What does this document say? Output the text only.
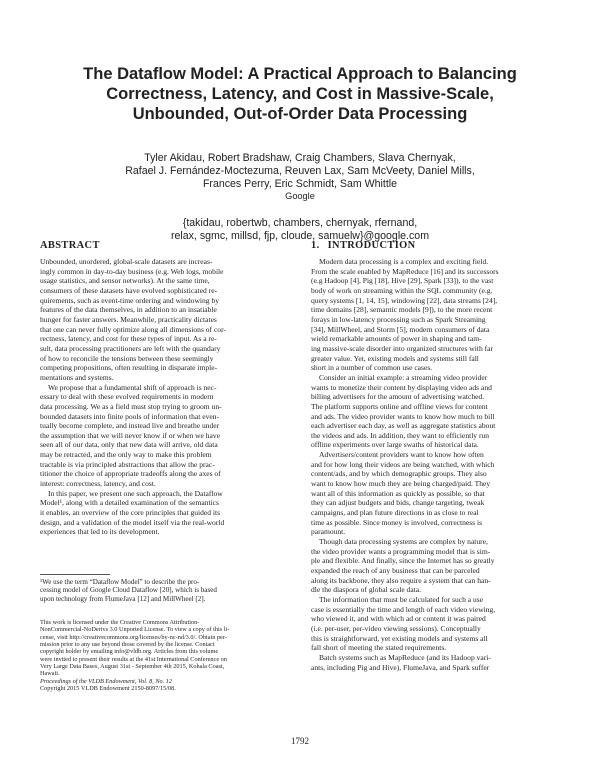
The Dataflow Model: A Practical Approach to Balancing
Correctness, Latency, and Cost in Massive-Scale,
Unbounded, Out-of-Order Data Processing
Tyler Akidau, Robert Bradshaw, Craig Chambers, Slava Chernyak,
Rafael J. Fernández-Moctezuma, Reuven Lax, Sam McVeety, Daniel Mills,
Frances Perry, Eric Schmidt, Sam Whittle
Google
{takidau, robertwb, chambers, chernyak, rfernand,
relax, sgmc, millsd, fjp, cloude, samuelw}@google.com
ABSTRACT
Unbounded, unordered, global-scale datasets are increas-
ingly common in day-to-day business (e.g. Web logs, mobile
usage statistics, and sensor networks). At the same time,
consumers of these datasets have evolved sophisticated re-
quirements, such as event-time ordering and windowing by
features of the data themselves, in addition to an insatiable
hunger for faster answers. Meanwhile, practicality dictates
that one can never fully optimize along all dimensions of cor-
rectness, latency, and cost for these types of input. As a re-
sult, data processing practitioners are left with the quandary
of how to reconcile the tensions between these seemingly
competing propositions, often resulting in disparate imple-
mentations and systems.
We propose that a fundamental shift of approach is nec-
essary to deal with these evolved requirements in modern
data processing. We as a field must stop trying to groom un-
bounded datasets into finite pools of information that even-
tually become complete, and instead live and breathe under
the assumption that we will never know if or when we have
seen all of our data, only that new data will arrive, old data
may be retracted, and the only way to make this problem
tractable is via principled abstractions that allow the prac-
titioner the choice of appropriate tradeoffs along the axes of
interest: correctness, latency, and cost.
In this paper, we present one such approach, the Dataflow
Model¹, along with a detailed examination of the semantics
it enables, an overview of the core principles that guided its
design, and a validation of the model itself via the real-world
experiences that led to its development.
¹We use the term “Dataflow Model” to describe the pro-
cessing model of Google Cloud Dataflow [20], which is based
upon technology from FlumeJava [12] and MillWheel [2].
This work is licensed under the Creative Commons Attribution-
NonCommercial-NoDerivs 3.0 Unported License. To view a copy of this li-
cense, visit http://creativecommons.org/licenses/by-nc-nd/3.0/. Obtain per-
mission prior to any use beyond those covered by the license. Contact
copyright holder by emailing info@vldb.org. Articles from this volume
were invited to present their results at the 41st International Conference on
Very Large Data Bases, August 31st - September 4th 2015, Kohala Coast,
Hawaii.
Proceedings of the VLDB Endowment, Vol. 8, No. 12
Copyright 2015 VLDB Endowment 2150-8097/15/08.
1. INTRODUCTION
Modern data processing is a complex and exciting field.
From the scale enabled by MapReduce [16] and its successors
(e.g Hadoop [4], Pig [18], Hive [29], Spark [33]), to the vast
body of work on streaming within the SQL community (e.g.
query systems [1, 14, 15], windowing [22], data streams [24],
time domains [28], semantic models [9]), to the more recent
forays in low-latency processing such as Spark Streaming
[34], MillWheel, and Storm [5], modern consumers of data
wield remarkable amounts of power in shaping and tam-
ing massive-scale disorder into organized structures with far
greater value. Yet, existing models and systems still fall
short in a number of common use cases.
Consider an initial example: a streaming video provider
wants to monetize their content by displaying video ads and
billing advertisers for the amount of advertising watched.
The platform supports online and offline views for content
and ads. The video provider wants to know how much to bill
each advertiser each day, as well as aggregate statistics about
the videos and ads. In addition, they want to efficiently run
offline experiments over large swaths of historical data.
Advertisers/content providers want to know how often
and for how long their videos are being watched, with which
content/ads, and by which demographic groups. They also
want to know how much they are being charged/paid. They
want all of this information as quickly as possible, so that
they can adjust budgets and bids, change targeting, tweak
campaigns, and plan future directions in as close to real
time as possible. Since money is involved, correctness is
paramount.
Though data processing systems are complex by nature,
the video provider wants a programming model that is sim-
ple and flexible. And finally, since the Internet has so greatly
expanded the reach of any business that can be parceled
along its backbone, they also require a system that can han-
dle the diaspora of global scale data.
The information that must be calculated for such a use
case is essentially the time and length of each video viewing,
who viewed it, and with which ad or content it was paired
(i.e. per-user, per-video viewing sessions). Conceptually
this is straightforward, yet existing models and systems all
fall short of meeting the stated requirements.
Batch systems such as MapReduce (and its Hadoop vari-
ants, including Pig and Hive), FlumeJava, and Spark suffer
1792
